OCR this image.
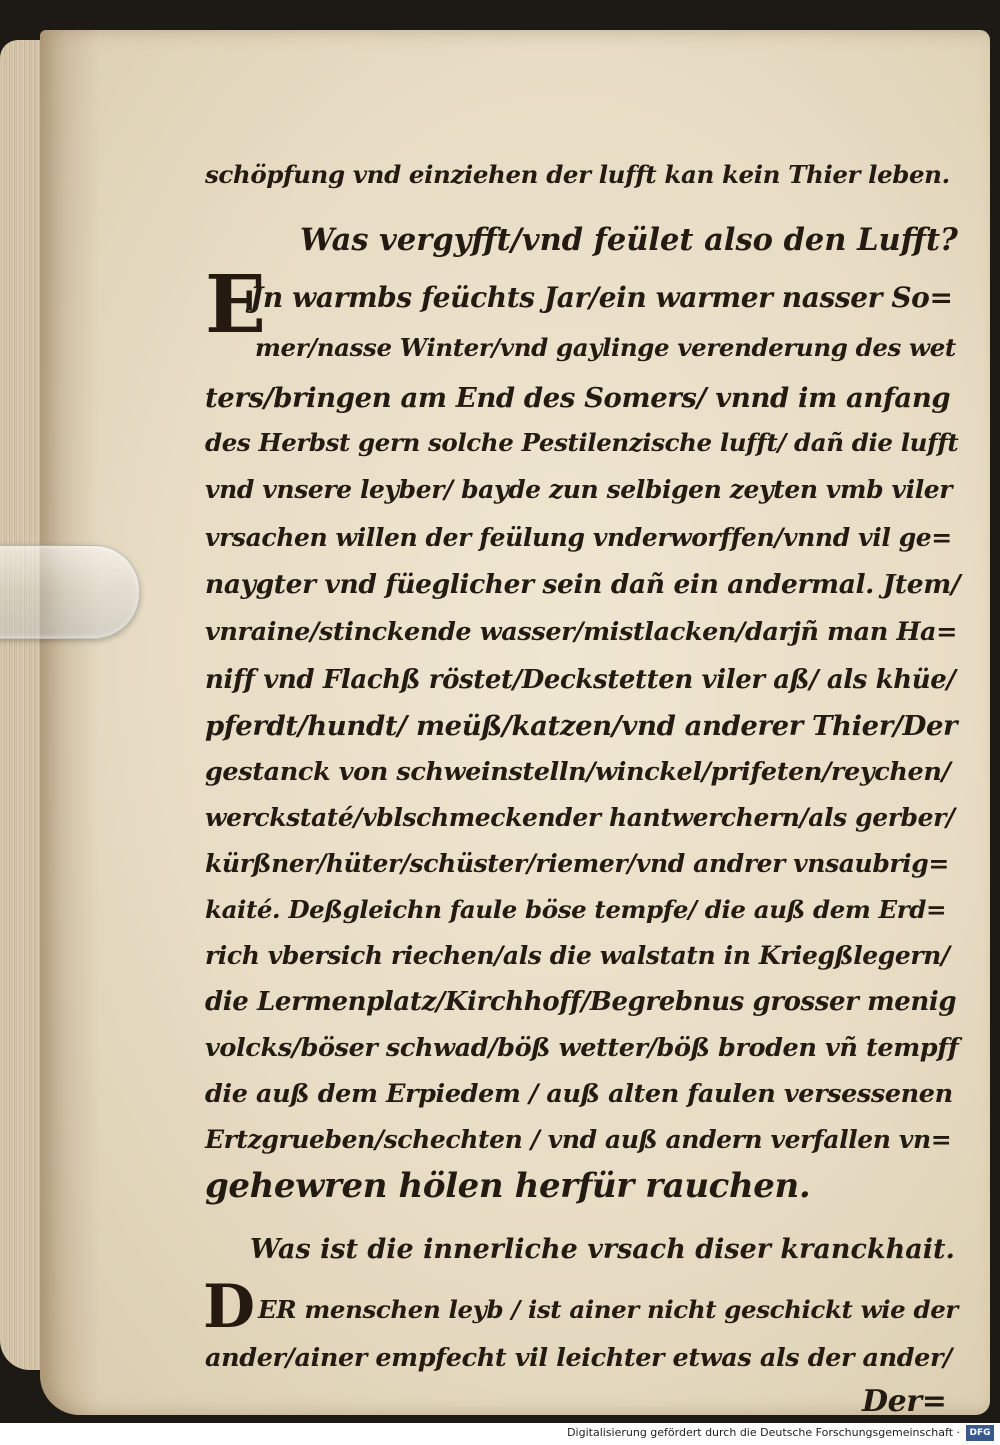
schöpfung vnd einziehen der lufft kan kein Thier leben.
Was vergyfft/vnd feület also den Lufft?
E
Jn warmbs feüchts Jar/ein warmer nasser So=
mer/nasse Winter/vnd gaylinge verenderung des wet
ters/bringen am End des Somers/ vnnd im anfang
des Herbst gern solche Pestilenzische lufft/ dañ die lufft
vnd vnsere leyber/ bayde zun selbigen zeyten vmb viler
vrsachen willen der feülung vnderworffen/vnnd vil ge=
naygter vnd füeglicher sein dañ ein andermal. Jtem/
vnraine/stinckende wasser/mistlacken/darjñ man Ha=
niff vnd Flachß röstet/Deckstetten viler aß/ als khüe/
pferdt/hundt/ meüß/katzen/vnd anderer Thier/Der
gestanck von schweinstelln/winckel/prifeten/reychen/
werckstaté/vblschmeckender hantwerchern/als gerber/
kürßner/hüter/schüster/riemer/vnd andrer vnsaubrig=
kaité. Deßgleichn faule böse tempfe/ die auß dem Erd=
rich vbersich riechen/als die walstatn in Kriegßlegern/
die Lermenplatz/Kirchhoff/Begrebnus grosser menig
volcks/böser schwad/böß wetter/böß broden vñ tempff
die auß dem Erpiedem / auß alten faulen versessenen
Ertzgrueben/schechten / vnd auß andern verfallen vn=
gehewren hölen herfür rauchen.
Was ist die innerliche vrsach diser kranckhait.
D ER menschen leyb / ist ainer nicht geschickt wie der
ander/ainer empfecht vil leichter etwas als der ander/
Der=
Digitalisierung gefördert durch die Deutsche Forschungsgemeinschaft ·	DFG
